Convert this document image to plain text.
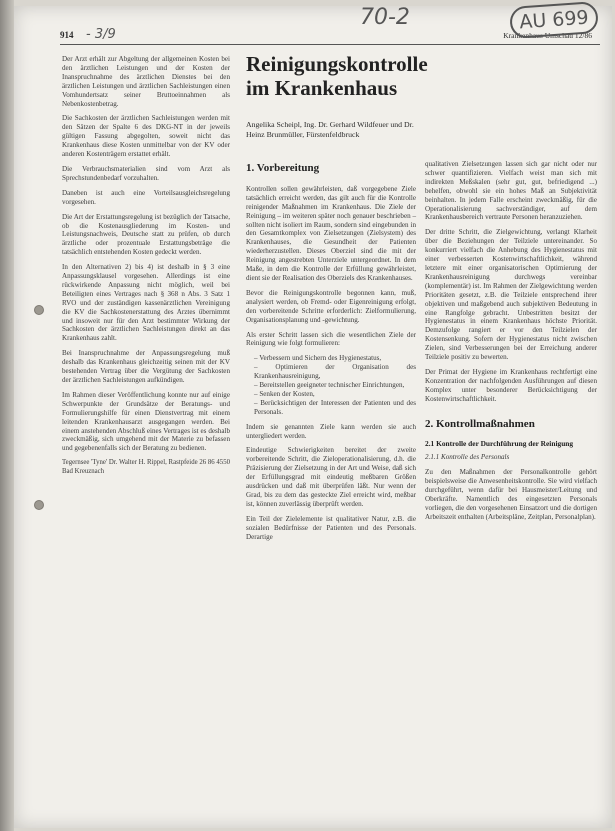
914	Krankenhaus Umschau 12/86
- 3/9
70-2	AU 699

Der Arzt erhält zur Abgeltung der allgemeinen Kosten bei den ärztlichen Leistungen und der Kosten der Inanspruchnahme des ärztlichen Dienstes bei den ärztlichen Leistungen und ärztlichen Sachleistungen einen Vomhundertsatz seiner Bruttoeinnahmen als Nebenkostenbetrag.

Die Sachkosten der ärztlichen Sachleistungen werden mit den Sätzen der Spalte 6 des DKG-NT in der jeweils gültigen Fassung abgegolten, soweit nicht das Krankenhaus diese Kosten unmittelbar von der KV oder anderen Kostenträgern erstattet erhält.

Die Verbrauchsmaterialien sind vom Arzt als Sprechstundenbedarf vorzuhalten.

Daneben ist auch eine Vorteilsausgleichsregelung vorgesehen.

Die Art der Erstattungsregelung ist bezüglich der Tatsache, ob die Kostenausgliederung im Kosten- und Leistungsnachweis, Deutsche statt zu prüfen, ob durch ärztliche oder prozentuale Erstattungsbeträge die tatsächlich entstehenden Kosten gedeckt werden.

In den Alternativen 2) bis 4) ist deshalb in § 3 eine Anpassungsklausel vorgesehen. Allerdings ist eine rückwirkende Anpassung nicht möglich, weil bei Beteiligten eines Vertrages nach § 368 n Abs. 3 Satz 1 RVO und der zuständigen kassenärztlichen Vereinigung die KV die Sachkostenerstattung des Arztes übernimmt und insoweit nur für den Arzt bestimmter Wirkung der Sachkosten der ärztlichen Sachleistungen direkt an das Krankenhaus zahlt.

Bei Inanspruchnahme der Anpassungsregelung muß deshalb das Krankenhaus gleichzeitig seinen mit der KV bestehenden Vertrag über die Vergütung der Sachkosten der ärztlichen Sachleistungen aufkündigen.

Im Rahmen dieser Veröffentlichung konnte nur auf einige Schwerpunkte der Grundsätze der Beratungs- und Formulierungshilfe für einen Dienstvertrag mit einem leitenden Krankenhausarzt ausgegangen werden. Bei einem anstehenden Abschluß eines Vertrages ist es deshalb zweckmäßig, sich umgehend mit der Materie zu befassen und gegebenenfalls sich der Beratung zu bedienen.

Tegernsee 'Tyne' Dr. Walter H. Rippel, Rastpfeide 26 86 4550 Bad Kreuznach

Reinigungskontrolle im Krankenhaus
Angelika Scheipl, Ing. Dr. Gerhard Wildfeuer und Dr. Heinz Brunmüller, Fürstenfeldbruck
1. Vorbereitung

Kontrollen sollen gewährleisten, daß vorgegebene Ziele tatsächlich erreicht werden, das gilt auch für die Kontrolle reinigender Maßnahmen im Krankenhaus. Die Ziele der Reinigung – im weiteren später noch genauer beschrieben – sollten nicht isoliert im Raum, sondern sind eingebunden in den Gesamtkomplex von Zielsetzungen (Zielsystem) des Krankenhauses, die Gesundheit der Patienten wiederherzustellen. Dieses Oberziel sind die mit der Reinigung angestrebten Unterziele untergeordnet. In dem Maße, in dem die Kontrolle der Erfüllung gewährleistet, dient sie der Realisation des Oberziels des Krankenhauses.

Bevor die Reinigungskontrolle begonnen kann, muß, analysiert werden, ob Fremd- oder Eigenreinigung erfolgt, den vorbereitende Schritte erforderlich: Zielformulierung, Organisationsplanung und -gewichtung.

Als erster Schritt lassen sich die wesentlichen Ziele der Reinigung wie folgt formulieren:

– Verbessern und Sichern des Hygienestatus,
– Optimieren der Organisation des Krankenhausreinigung,
– Bereitstellen geeigneter technischer Einrichtungen,
– Senken der Kosten,
– Berücksichtigen der Interessen der Patienten und des Personals.

Indem sie genannten Ziele kann werden sie auch untergliedert werden.

Eindeutige Schwierigkeiten bereitet der zweite vorbereitende Schritt, die Zieloperationalisierung, d.h. die Präzisierung der Zielsetzung in der Art und Weise, daß sich der Erfüllungsgrad mit eindeutig meßbaren Größen ausdrücken und daß mit überprüfen läßt. Nur wenn der Grad, bis zu dem das gesteckte Ziel erreicht wird, meßbar ist, können zuverlässig überprüft werden.

Ein Teil der Zielelemente ist qualitativer Natur, z.B. die sozialen Bedürfnisse der Patienten und des Personals. Derartige

qualitativen Zielsetzungen lassen sich gar nicht oder nur schwer quantifizieren. Vielfach weist man sich mit indirekten Meßskalen (sehr gut, gut, befriedigend ...) behelfen, obwohl sie ein hohes Maß an Subjektivität beinhalten. In jedem Falle erscheint zweckmäßig, für die Operationalisierung sachverständiger, auf dem Krankenhausbereich vertraute Personen heranzuziehen.

Der dritte Schritt, die Zielgewichtung, verlangt Klarheit über die Beziehungen der Teilziele untereinander. So konkurriert vielfach die Anhebung des Hygienestatus mit einer verbesserten Kostenwirtschaftlichkeit, während letztere mit einer organisatorischen Optimierung der Krankenhausreinigung durchwegs vereinbar (komplementär) ist. Im Rahmen der Zielgewichtung werden Prioritäten gesetzt, z.B. die Teilziele entsprechend ihrer objektiven und maßgebend auch subjektiven Bedeutung in eine Rangfolge gebracht. Unbestritten besitzt der Hygienestatus in einem Krankenhaus höchste Priorität. Demzufolge rangiert er vor den Teilzielen der Kostensenkung. Sofern der Hygienestatus nicht zwischen Zielen, sind Verbesserungen bei der Erreichung anderer Teilziele positiv zu bewerten.

Der Primat der Hygiene im Krankenhaus rechtfertigt eine Konzentration der nachfolgenden Ausführungen auf diesen Komplex unter besonderer Berücksichtigung der Kostenwirtschaftlichkeit.

2. Kontrollmaßnahmen
2.1 Kontrolle der Durchführung der Reinigung

2.1.1 Kontrolle des Personals

Zu den Maßnahmen der Personalkontrolle gehört beispielsweise die Anwesenheitskontrolle. Sie wird vielfach durchgeführt, wenn dafür bei Hausmeister/Leitung und Oberkräfte. Namentlich des eingesetzten Personals vorliegen, die den vorgesehenen Einsatzort und die dortigen Arbeitszeit enthalten (Arbeitspläne, Zeitplan, Personalplan).
